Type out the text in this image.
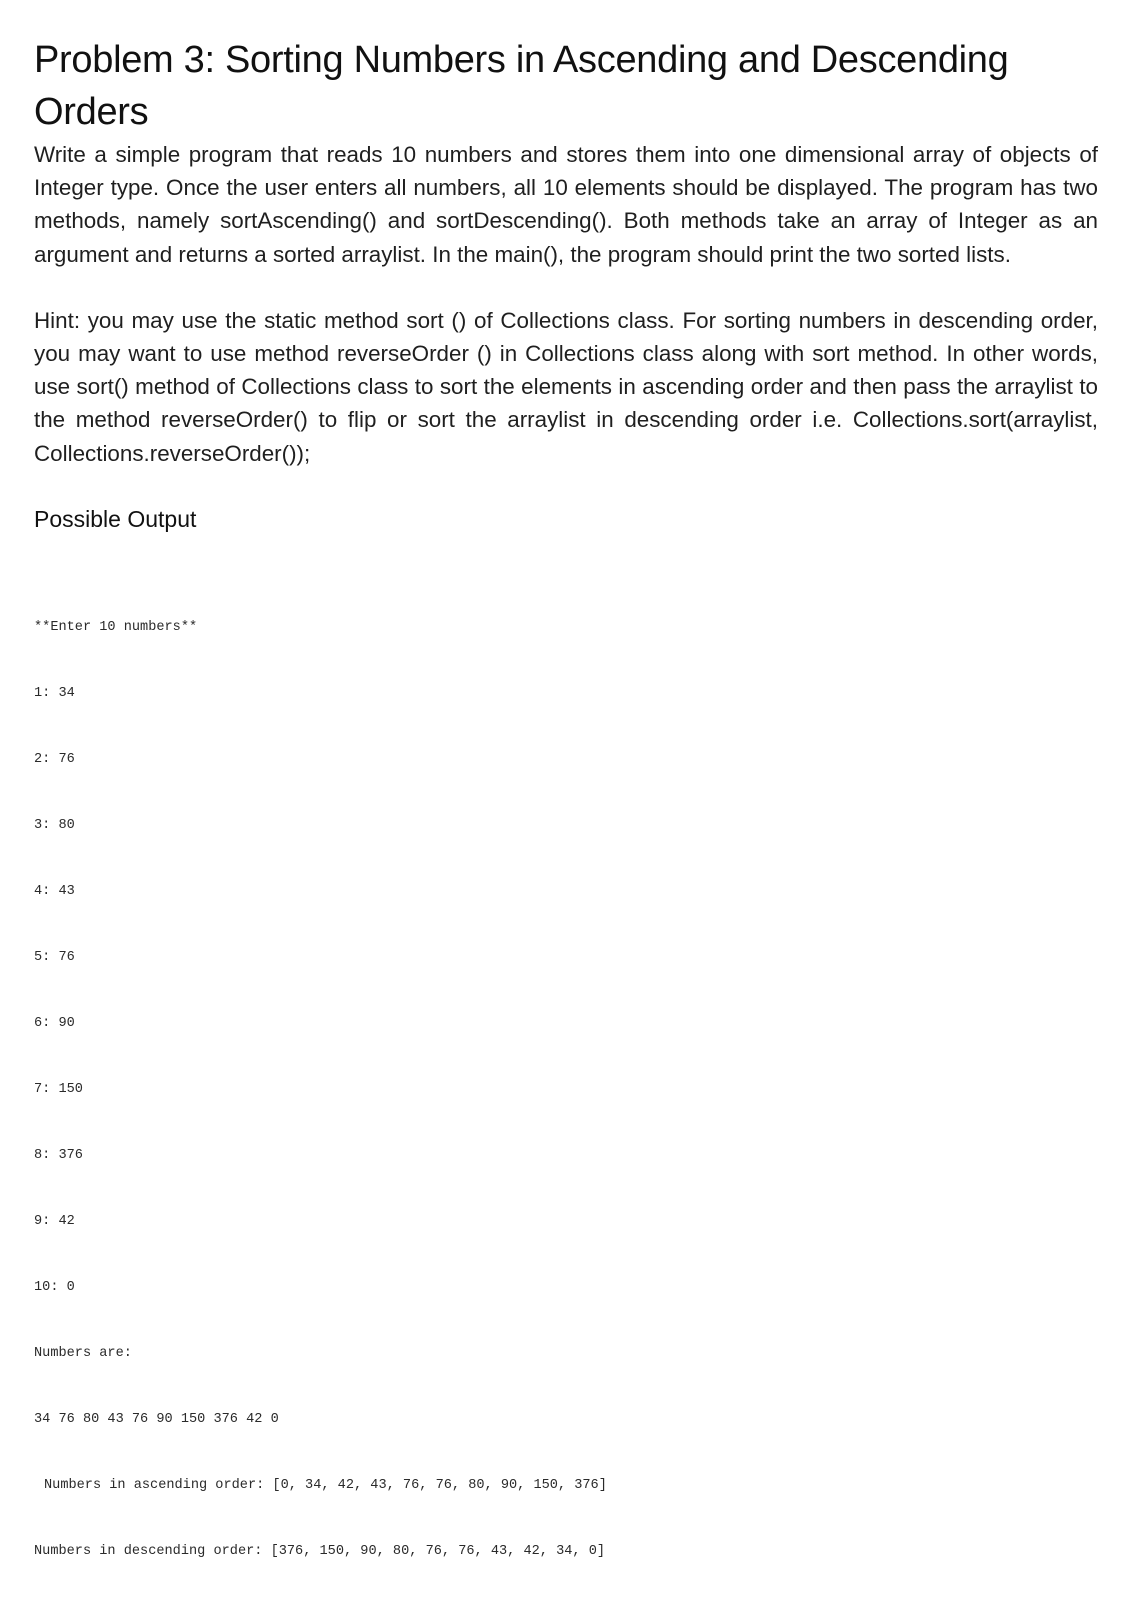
Problem 3: Sorting Numbers in Ascending and Descending Orders

Write a simple program that reads 10 numbers and stores them into one dimensional array of objects of Integer type. Once the user enters all numbers, all 10 elements should be displayed. The program has two methods, namely sortAscending() and sortDescending(). Both methods take an array of Integer as an argument and returns a sorted arraylist. In the main(), the program should print the two sorted lists.

Hint: you may use the static method sort () of Collections class. For sorting numbers in descending order, you may want to use method reverseOrder () in Collections class along with sort method. In other words, use sort() method of Collections class to sort the elements in ascending order and then pass the arraylist to the method reverseOrder() to flip or sort the arraylist in descending order i.e. Collections.sort(arraylist, Collections.reverseOrder());

Possible Output

**Enter 10 numbers**

1: 34

2: 76

3: 80

4: 43

5: 76

6: 90

7: 150

8: 376

9: 42

10: 0

Numbers are:

34 76 80 43 76 90 150 376 42 0

Numbers in ascending order: [0, 34, 42, 43, 76, 76, 80, 90, 150, 376]

Numbers in descending order: [376, 150, 90, 80, 76, 76, 43, 42, 34, 0]
